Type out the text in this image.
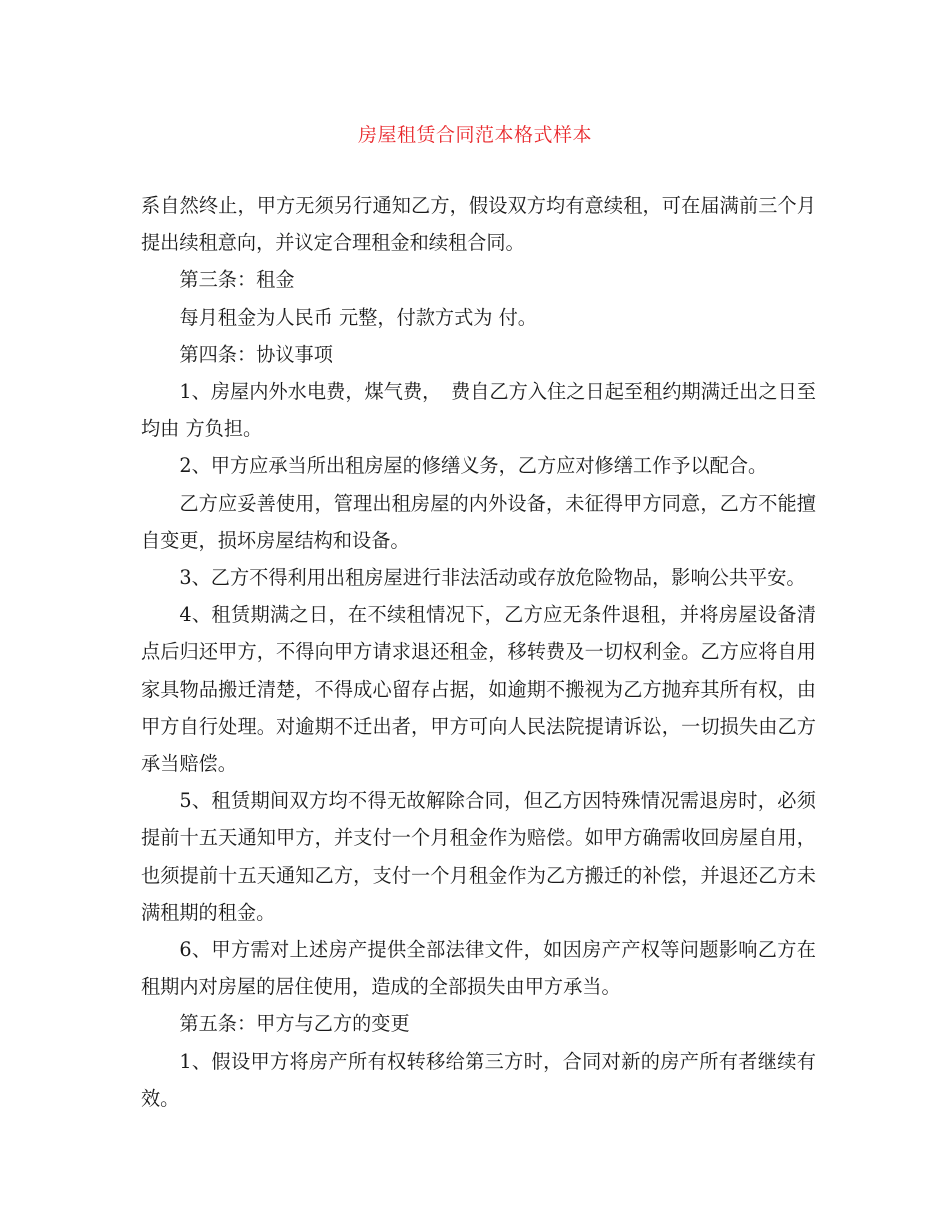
房屋租赁合同范本格式样本

系自然终止，甲方无须另行通知乙方，假设双方均有意续租，可在届满前三个月提出续租意向，并议定合理租金和续租合同。

第三条：租金

每月租金为人民币 元整，付款方式为 付。

第四条：协议事项

1、房屋内外水电费，煤气费，　费自乙方入住之日起至租约期满迁出之日至均由 方负担。

2、甲方应承当所出租房屋的修缮义务，乙方应对修缮工作予以配合。

乙方应妥善使用，管理出租房屋的内外设备，未征得甲方同意，乙方不能擅自变更，损坏房屋结构和设备。

3、乙方不得利用出租房屋进行非法活动或存放危险物品，影响公共平安。

4、租赁期满之日，在不续租情况下，乙方应无条件退租，并将房屋设备清点后归还甲方，不得向甲方请求退还租金，移转费及一切权利金。乙方应将自用家具物品搬迁清楚，不得成心留存占据，如逾期不搬视为乙方抛弃其所有权，由甲方自行处理。对逾期不迁出者，甲方可向人民法院提请诉讼，一切损失由乙方承当赔偿。

5、租赁期间双方均不得无故解除合同，但乙方因特殊情况需退房时，必须提前十五天通知甲方，并支付一个月租金作为赔偿。如甲方确需收回房屋自用，也须提前十五天通知乙方，支付一个月租金作为乙方搬迁的补偿，并退还乙方未满租期的租金。

6、甲方需对上述房产提供全部法律文件，如因房产产权等问题影响乙方在租期内对房屋的居住使用，造成的全部损失由甲方承当。

第五条：甲方与乙方的变更

1、假设甲方将房产所有权转移给第三方时，合同对新的房产所有者继续有效。
